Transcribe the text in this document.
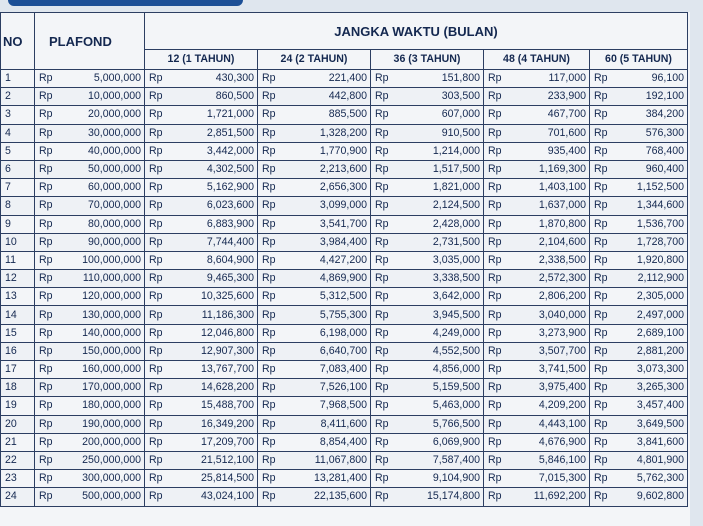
NO	PLAFOND	JANGKA WAKTU (BULAN)				
		12 (1 TAHUN)	24 (2 TAHUN)	36 (3 TAHUN)	48 (4 TAHUN)	60 (5 TAHUN)
1	Rp 5,000,000	Rp 430,300	Rp 221,400	Rp 151,800	Rp 117,000	Rp 96,100

2	Rp 10,000,000	Rp 860,500	Rp 442,800	Rp 303,500	Rp 233,900	Rp 192,100

3	Rp 20,000,000	Rp 1,721,000	Rp 885,500	Rp 607,000	Rp 467,700	Rp 384,200

4	Rp 30,000,000	Rp 2,851,500	Rp 1,328,200	Rp 910,500	Rp 701,600	Rp 576,300

5	Rp 40,000,000	Rp 3,442,000	Rp 1,770,900	Rp 1,214,000	Rp 935,400	Rp 768,400

6	Rp 50,000,000	Rp 4,302,500	Rp 2,213,600	Rp 1,517,500	Rp 1,169,300	Rp 960,400

7	Rp 60,000,000	Rp 5,162,900	Rp 2,656,300	Rp 1,821,000	Rp 1,403,100	Rp 1,152,500

8	Rp 70,000,000	Rp 6,023,600	Rp 3,099,000	Rp 2,124,500	Rp 1,637,000	Rp 1,344,600

9	Rp 80,000,000	Rp 6,883,900	Rp 3,541,700	Rp 2,428,000	Rp 1,870,800	Rp 1,536,700

10	Rp 90,000,000	Rp 7,744,400	Rp 3,984,400	Rp 2,731,500	Rp 2,104,600	Rp 1,728,700

11	Rp 100,000,000	Rp 8,604,900	Rp 4,427,200	Rp 3,035,000	Rp 2,338,500	Rp 1,920,800

12	Rp 110,000,000	Rp 9,465,300	Rp 4,869,900	Rp 3,338,500	Rp 2,572,300	Rp 2,112,900

13	Rp 120,000,000	Rp 10,325,600	Rp 5,312,500	Rp 3,642,000	Rp 2,806,200	Rp 2,305,000

14	Rp 130,000,000	Rp 11,186,300	Rp 5,755,300	Rp 3,945,500	Rp 3,040,000	Rp 2,497,000

15	Rp 140,000,000	Rp 12,046,800	Rp 6,198,000	Rp 4,249,000	Rp 3,273,900	Rp 2,689,100

16	Rp 150,000,000	Rp 12,907,300	Rp 6,640,700	Rp 4,552,500	Rp 3,507,700	Rp 2,881,200

17	Rp 160,000,000	Rp 13,767,700	Rp 7,083,400	Rp 4,856,000	Rp 3,741,500	Rp 3,073,300

18	Rp 170,000,000	Rp 14,628,200	Rp 7,526,100	Rp 5,159,500	Rp 3,975,400	Rp 3,265,300

19	Rp 180,000,000	Rp 15,488,700	Rp 7,968,500	Rp 5,463,000	Rp 4,209,200	Rp 3,457,400

20	Rp 190,000,000	Rp 16,349,200	Rp 8,411,600	Rp 5,766,500	Rp 4,443,100	Rp 3,649,500

21	Rp 200,000,000	Rp 17,209,700	Rp 8,854,400	Rp 6,069,900	Rp 4,676,900	Rp 3,841,600

22	Rp 250,000,000	Rp 21,512,100	Rp 11,067,800	Rp 7,587,400	Rp 5,846,100	Rp 4,801,900

23	Rp 300,000,000	Rp 25,814,500	Rp 13,281,400	Rp 9,104,900	Rp 7,015,300	Rp 5,762,300

24	Rp 500,000,000	Rp 43,024,100	Rp 22,135,600	Rp 15,174,800	Rp 11,692,200	Rp 9,602,800
